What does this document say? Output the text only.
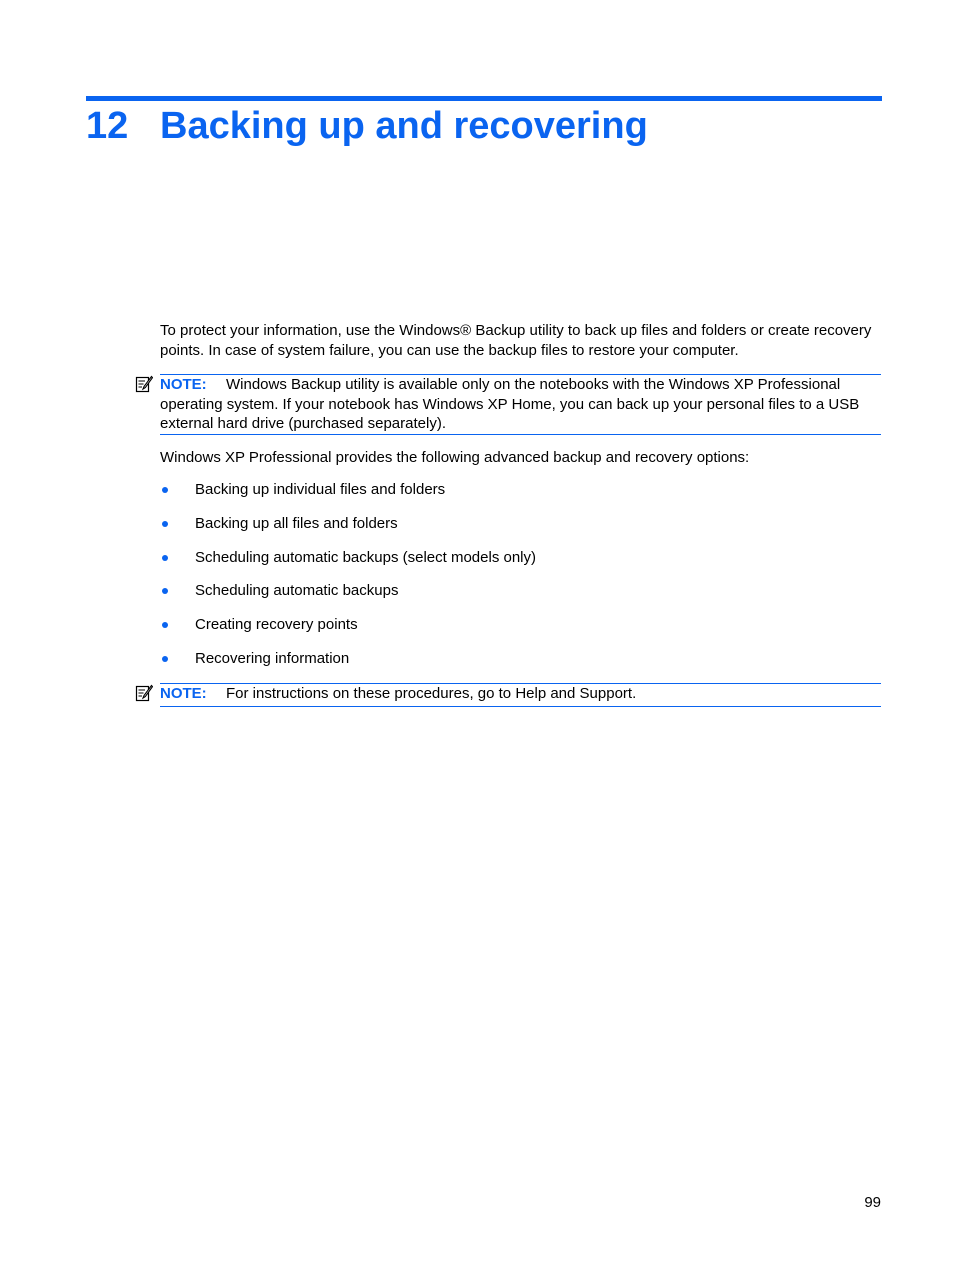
12 Backing up and recovering

To protect your information, use the Windows® Backup utility to back up files and folders or create recovery points. In case of system failure, you can use the backup files to restore your computer.

NOTE: Windows Backup utility is available only on the notebooks with the Windows XP Professional operating system. If your notebook has Windows XP Home, you can back up your personal files to a USB external hard drive (purchased separately).

Windows XP Professional provides the following advanced backup and recovery options:

Backing up individual files and folders
Backing up all files and folders
Scheduling automatic backups (select models only)
Scheduling automatic backups
Creating recovery points
Recovering information
NOTE: For instructions on these procedures, go to Help and Support.
99
